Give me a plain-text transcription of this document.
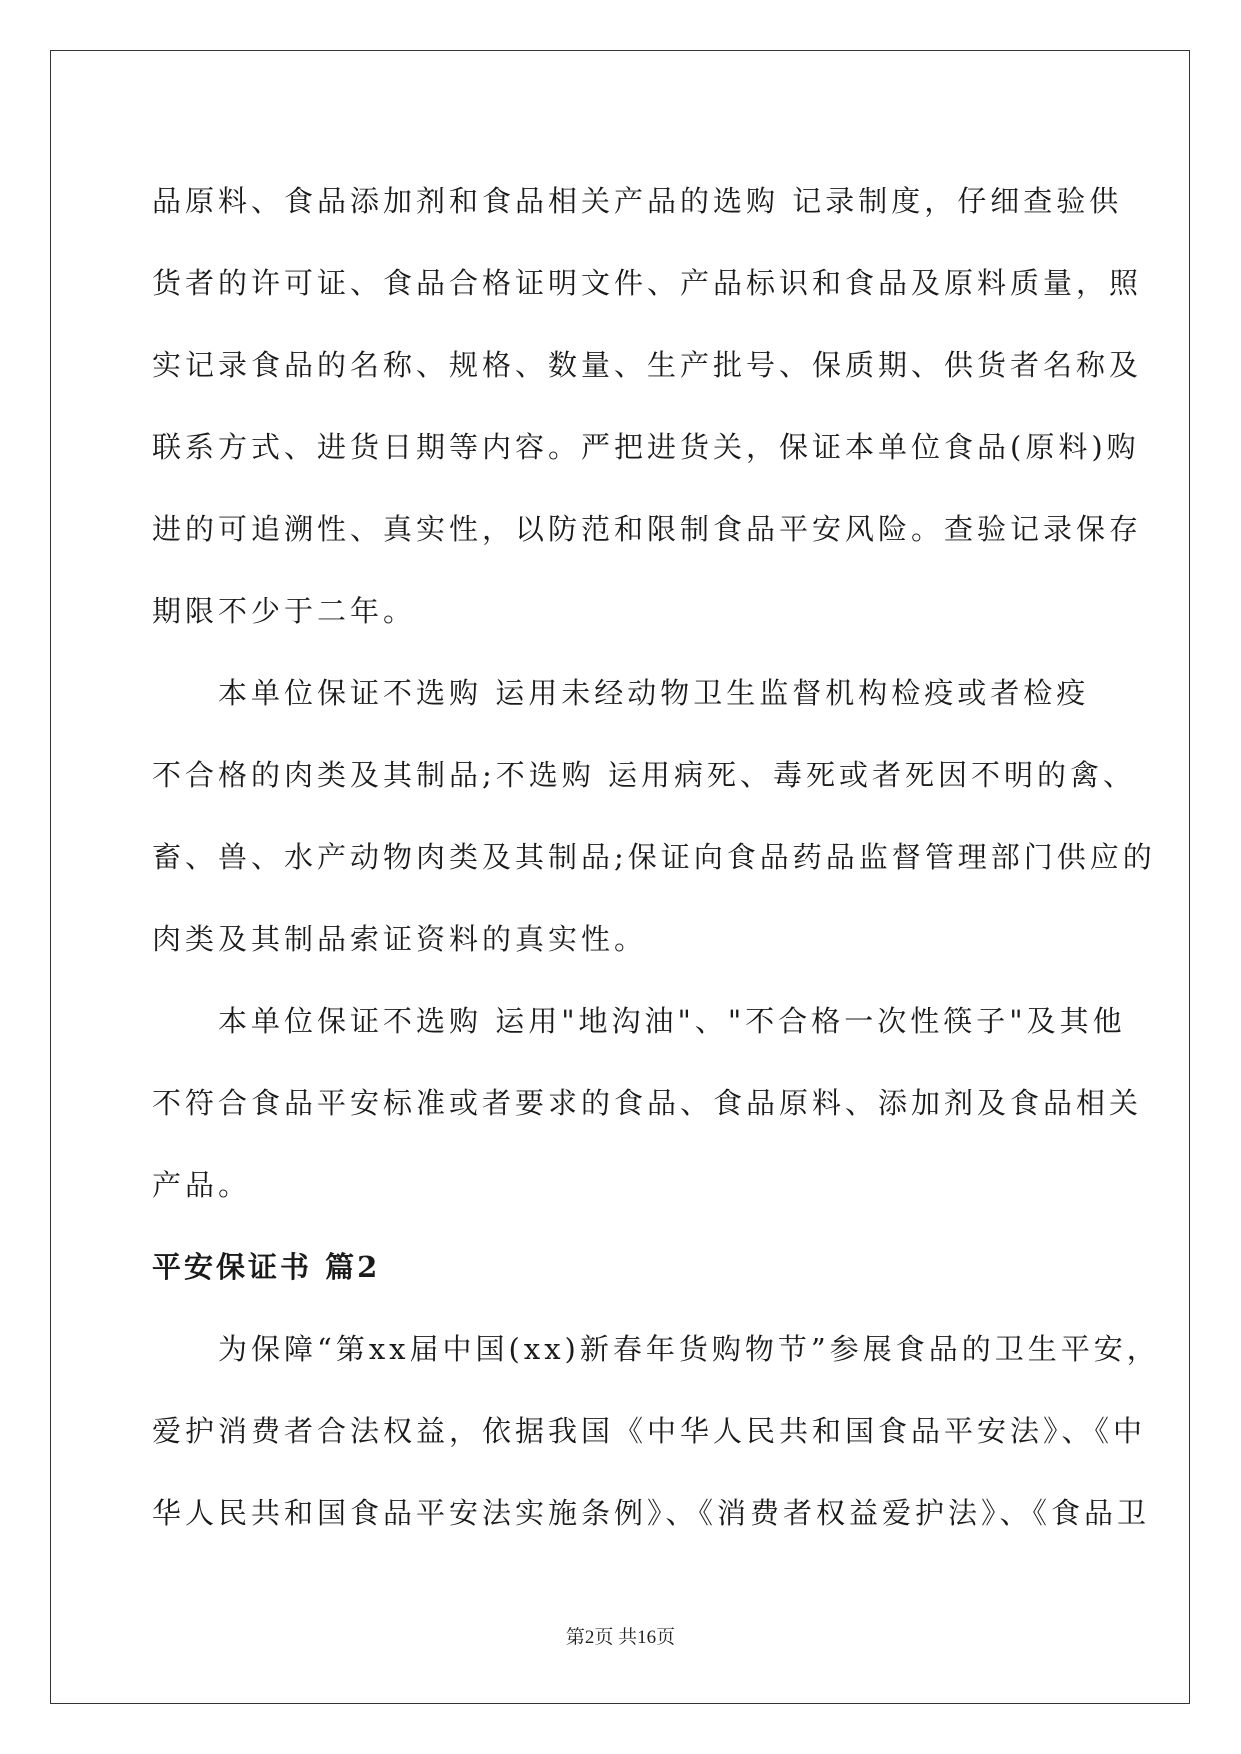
品原料、食品添加剂和食品相关产品的选购 记录制度，仔细查验供

货者的许可证、食品合格证明文件、产品标识和食品及原料质量，照

实记录食品的名称、规格、数量、生产批号、保质期、供货者名称及

联系方式、进货日期等内容。严把进货关，保证本单位食品(原料)购

进的可追溯性、真实性，以防范和限制食品平安风险。查验记录保存

期限不少于二年。

本单位保证不选购 运用未经动物卫生监督机构检疫或者检疫

不合格的肉类及其制品;不选购 运用病死、毒死或者死因不明的禽、

畜、兽、水产动物肉类及其制品;保证向食品药品监督管理部门供应的

肉类及其制品索证资料的真实性。

本单位保证不选购 运用"地沟油"、"不合格一次性筷子"及其他

不符合食品平安标准或者要求的食品、食品原料、添加剂及食品相关

产品。

平安保证书 篇2

为保障“第xx届中国(xx)新春年货购物节”参展食品的卫生平安，

爱护消费者合法权益，依据我国《中华人民共和国食品平安法》、《中

华人民共和国食品平安法实施条例》、《消费者权益爱护法》、《食品卫

第2页 共16页
